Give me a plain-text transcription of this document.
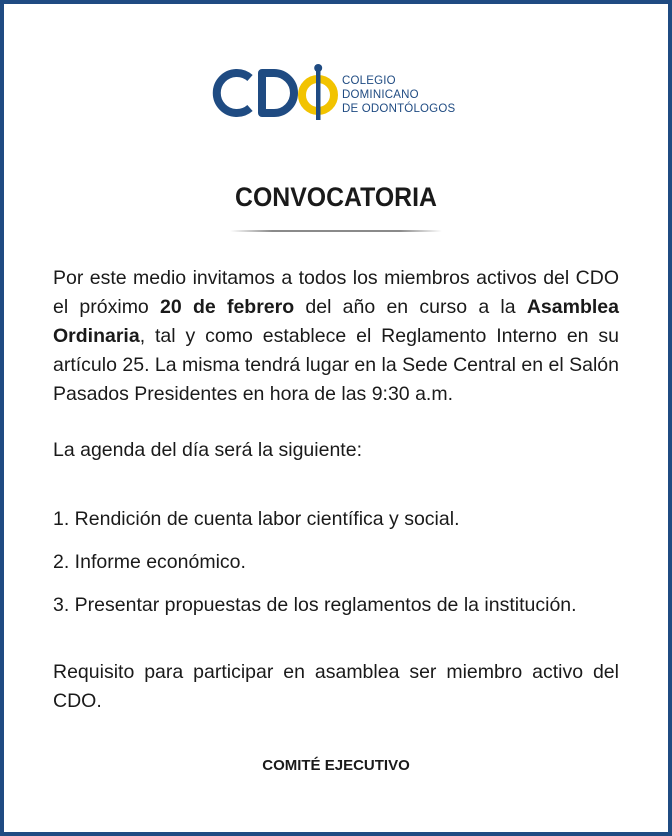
COLEGIO
DOMINICANO
DE ODONTÓLOGOS
CONVOCATORIA
Por este medio invitamos a todos los miembros activos del CDO el próximo 20 de febrero del año en curso a la Asamblea Ordinaria, tal y como establece el Reglamento Interno en su artículo 25. La misma tendrá lugar en la Sede Central en el Salón Pasados Presidentes en hora de las 9:30 a.m.
La agenda del día será la siguiente:
1. Rendición de cuenta labor científica y social.
2. Informe económico.
3. Presentar propuestas de los reglamentos de la institución.
Requisito para participar en asamblea ser miembro activo del CDO.
COMITÉ EJECUTIVO
